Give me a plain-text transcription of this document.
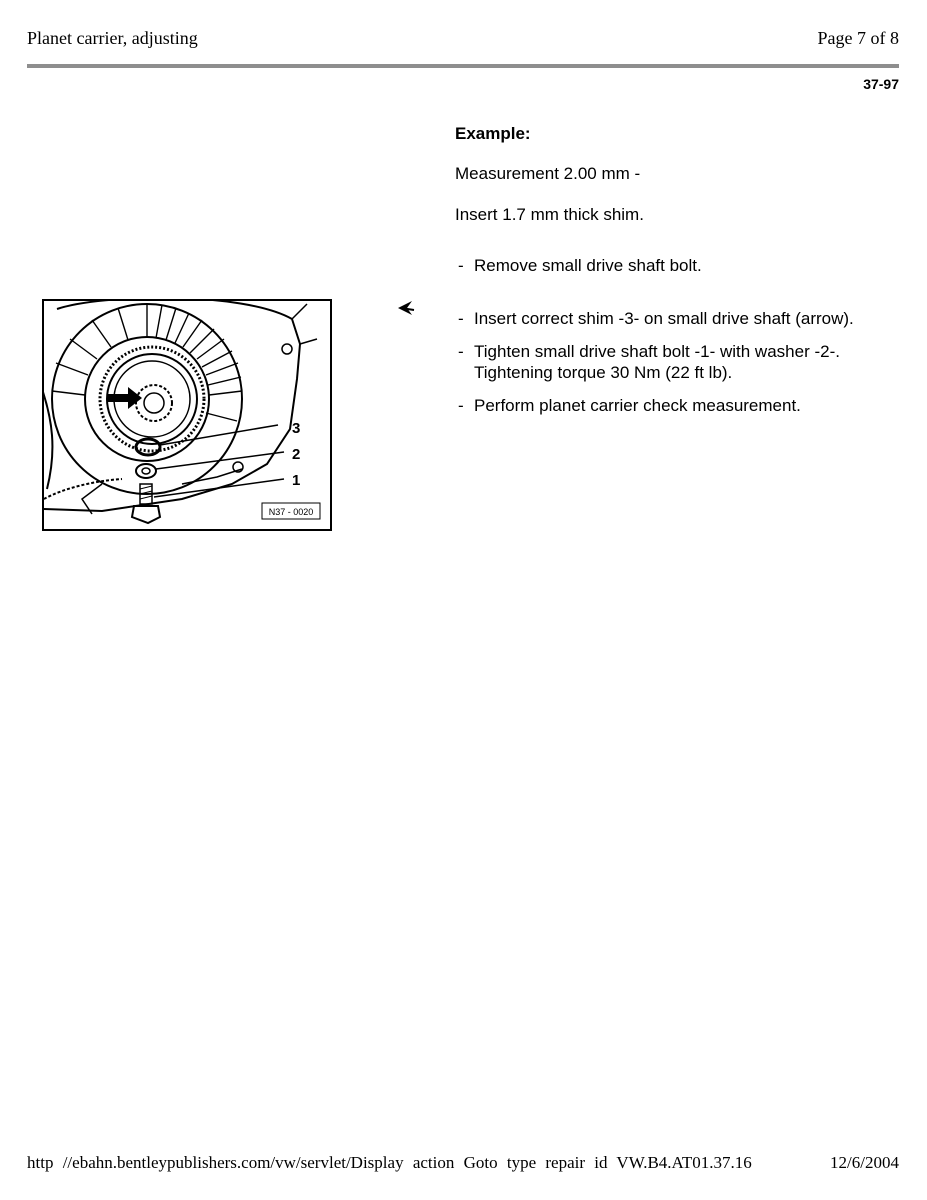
Planet carrier, adjusting	Page 7 of 8
37-97
Example:
Measurement 2.00 mm -
Insert 1.7 mm thick shim.
- Remove small drive shaft bolt.
- Insert correct shim -3- on small drive shaft (arrow).
- Tighten small drive shaft bolt -1- with washer -2-.
Tightening torque 30 Nm (22 ft lb).
- Perform planet carrier check measurement.
3
2
1
N37 - 0020
http //ebahn.bentleypublishers.com/vw/servlet/Display action Goto type repair id VW.B4.AT01.37.16	12/6/2004
